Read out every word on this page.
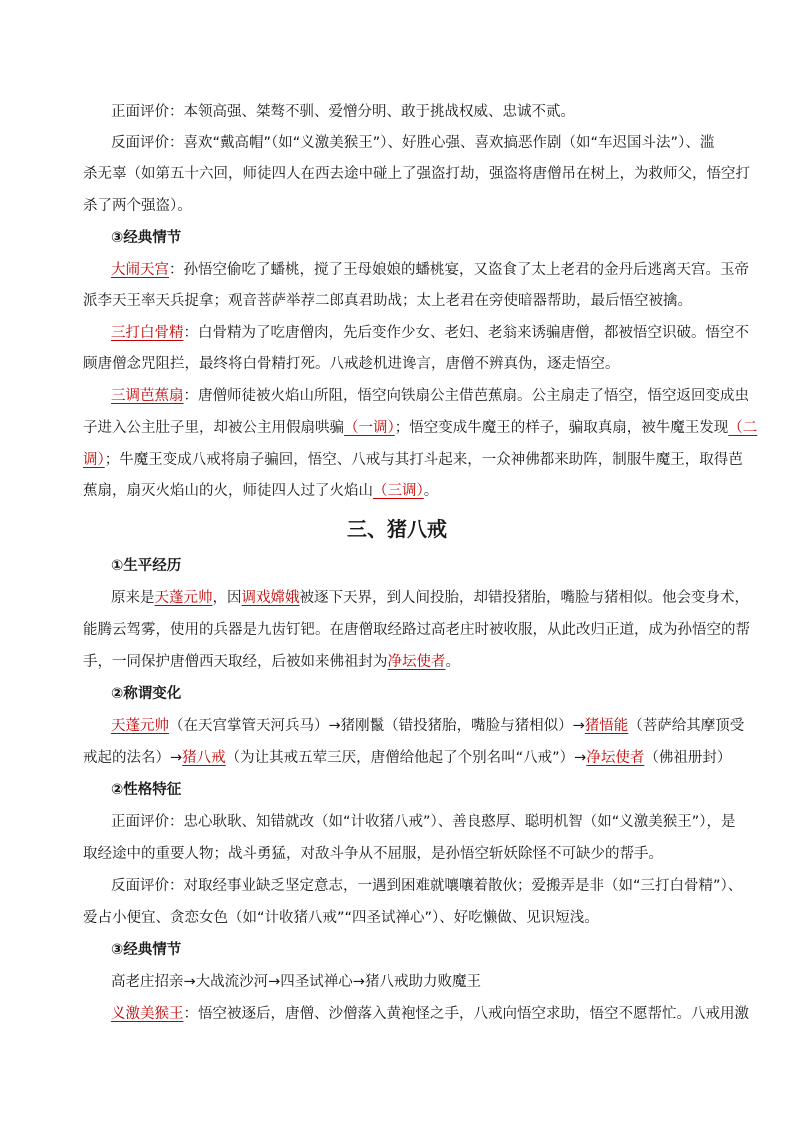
正面评价：本领高强、桀骜不驯、爱憎分明、敢于挑战权威、忠诚不贰。
反面评价：喜欢“戴高帽”（如“义激美猴王”）、好胜心强、喜欢搞恶作剧（如“车迟国斗法”）、滥
杀无辜（如第五十六回，师徒四人在西去途中碰上了强盗打劫，强盗将唐僧吊在树上，为救师父，悟空打
杀了两个强盗）。
③经典情节
大闹天宫：孙悟空偷吃了蟠桃，搅了王母娘娘的蟠桃宴，又盗食了太上老君的金丹后逃离天宫。玉帝
派李天王率天兵捉拿；观音菩萨举荐二郎真君助战；太上老君在旁使暗器帮助，最后悟空被擒。
三打白骨精：白骨精为了吃唐僧肉，先后变作少女、老妇、老翁来诱骗唐僧，都被悟空识破。悟空不
顾唐僧念咒阻拦，最终将白骨精打死。八戒趁机进谗言，唐僧不辨真伪，逐走悟空。
三调芭蕉扇：唐僧师徒被火焰山所阻，悟空向铁扇公主借芭蕉扇。公主扇走了悟空，悟空返回变成虫
子进入公主肚子里，却被公主用假扇哄骗（一调）；悟空变成牛魔王的样子，骗取真扇，被牛魔王发现（二
调）；牛魔王变成八戒将扇子骗回，悟空、八戒与其打斗起来，一众神佛都来助阵，制服牛魔王，取得芭
蕉扇，扇灭火焰山的火，师徒四人过了火焰山（三调）。
三、猪八戒
①生平经历
原来是天蓬元帅，因调戏嫦娥被逐下天界，到人间投胎，却错投猪胎，嘴脸与猪相似。他会变身术，
能腾云驾雾，使用的兵器是九齿钉钯。在唐僧取经路过高老庄时被收服，从此改归正道，成为孙悟空的帮
手，一同保护唐僧西天取经，后被如来佛祖封为净坛使者。
②称谓变化
天蓬元帅（在天宫掌管天河兵马）→猪刚鬣（错投猪胎，嘴脸与猪相似）→猪悟能（菩萨给其摩顶受
戒起的法名）→猪八戒（为让其戒五荤三厌，唐僧给他起了个别名叫“八戒”）→净坛使者（佛祖册封）
②性格特征
正面评价：忠心耿耿、知错就改（如“计收猪八戒”）、善良憨厚、聪明机智（如“义激美猴王”），是
取经途中的重要人物；战斗勇猛，对敌斗争从不屈服，是孙悟空斩妖除怪不可缺少的帮手。
反面评价：对取经事业缺乏坚定意志，一遇到困难就嚷嚷着散伙；爱搬弄是非（如“三打白骨精”）、
爱占小便宜、贪恋女色（如“计收猪八戒”“四圣试禅心”）、好吃懒做、见识短浅。
③经典情节
高老庄招亲→大战流沙河→四圣试禅心→猪八戒助力败魔王
义激美猴王：悟空被逐后，唐僧、沙僧落入黄袍怪之手，八戒向悟空求助，悟空不愿帮忙。八戒用激
